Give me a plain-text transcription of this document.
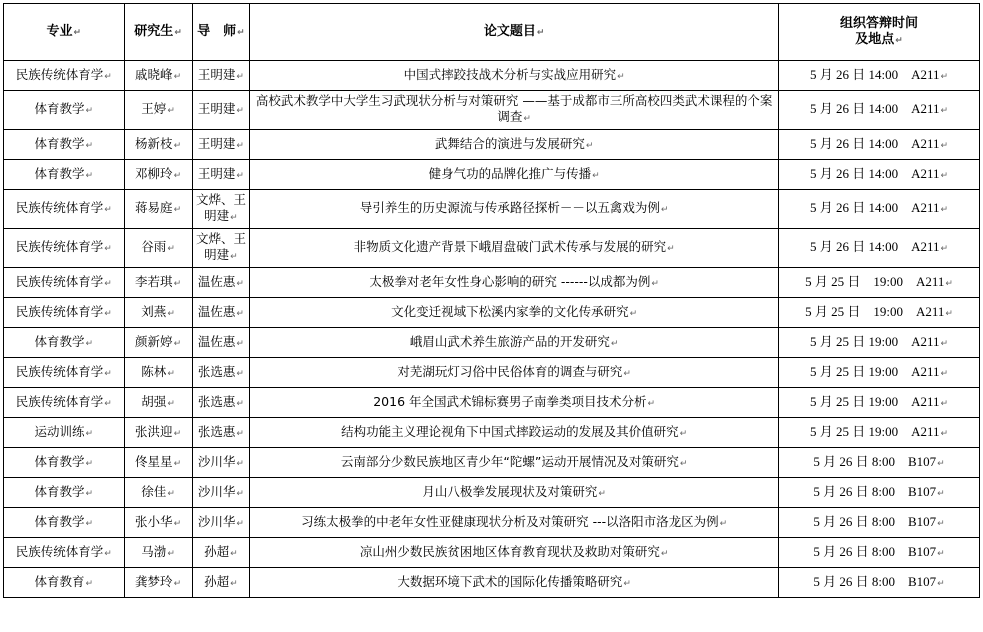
专业↵	研究生↵	导　师↵	论文题目↵	组织答辩时间
及地点↵

民族传统体育学↵	戚晓峰↵	王明建↵	中国式摔跤技战术分析与实战应用研究↵	5 月 26 日 14:00　A211↵
体育教学↵	王婷↵	王明建↵	高校武术教学中大学生习武现状分析与对策研究 ——基于成都市三所高校四类武术课程的个案调查↵	5 月 26 日 14:00　A211↵
体育教学↵	杨新枝↵	王明建↵	武舞结合的演进与发展研究↵	5 月 26 日 14:00　A211↵
体育教学↵	邓柳玲↵	王明建↵	健身气功的品牌化推广与传播↵	5 月 26 日 14:00　A211↵
民族传统体育学↵	蒋易庭↵	文烨、王明建↵	导引养生的历史源流与传承路径探析－－以五禽戏为例↵	5 月 26 日 14:00　A211↵
民族传统体育学↵	谷雨↵	文烨、王明建↵	非物质文化遗产背景下峨眉盘破门武术传承与发展的研究↵	5 月 26 日 14:00　A211↵
民族传统体育学↵	李若琪↵	温佐惠↵	太极拳对老年女性身心影响的研究 ------以成都为例↵	5 月 25 日　19:00　A211↵
民族传统体育学↵	刘燕↵	温佐惠↵	文化变迁视域下松溪内家拳的文化传承研究↵	5 月 25 日　19:00　A211↵
体育教学↵	颜新婷↵	温佐惠↵	峨眉山武术养生旅游产品的开发研究↵	5 月 25 日 19:00　A211↵
民族传统体育学↵	陈林↵	张选惠↵	对芜湖玩灯习俗中民俗体育的调查与研究↵	5 月 25 日 19:00　A211↵
民族传统体育学↵	胡强↵	张选惠↵	2016 年全国武术锦标赛男子南拳类项目技术分析↵	5 月 25 日 19:00　A211↵
运动训练↵	张洪迎↵	张选惠↵	结构功能主义理论视角下中国式摔跤运动的发展及其价值研究↵	5 月 25 日 19:00　A211↵
体育教学↵	佟星星↵	沙川华↵	云南部分少数民族地区青少年“陀螺”运动开展情况及对策研究↵	5 月 26 日 8:00　B107↵
体育教学↵	徐佳↵	沙川华↵	月山八极拳发展现状及对策研究↵	5 月 26 日 8:00　B107↵
体育教学↵	张小华↵	沙川华↵	习练太极拳的中老年女性亚健康现状分析及对策研究 ---以洛阳市洛龙区为例↵	5 月 26 日 8:00　B107↵
民族传统体育学↵	马渤↵	孙超↵	凉山州少数民族贫困地区体育教育现状及救助对策研究↵	5 月 26 日 8:00　B107↵
体育教育↵	龚梦玲↵	孙超↵	大数据环境下武术的国际化传播策略研究↵	5 月 26 日 8:00　B107↵
